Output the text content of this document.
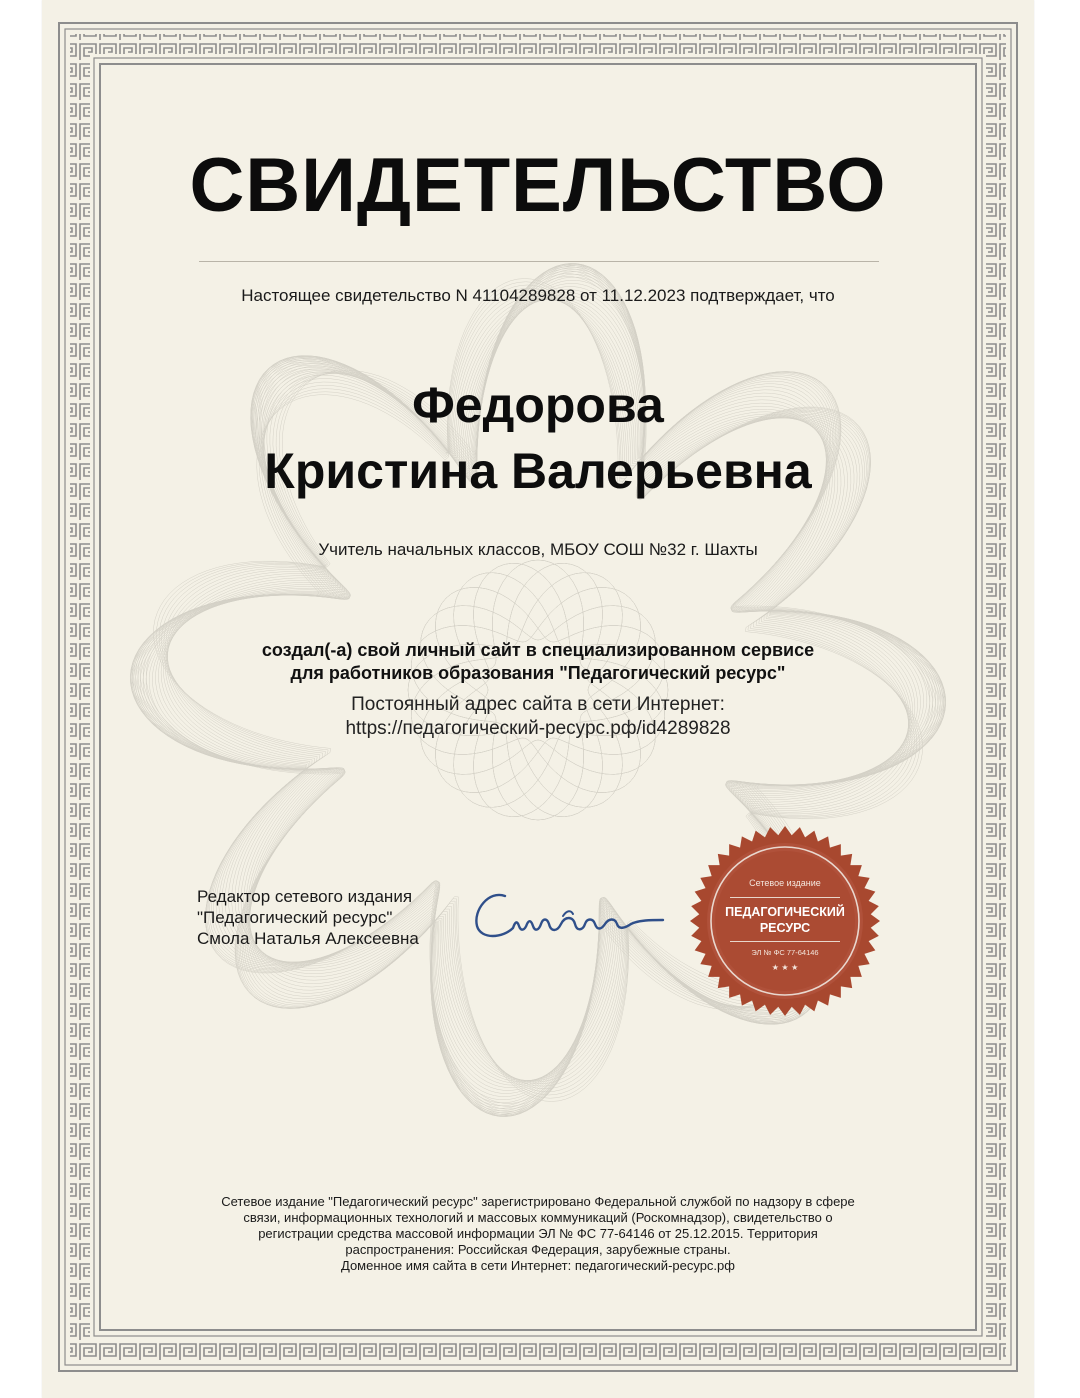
СВИДЕТЕЛЬСТВО
Настоящее свидетельство N 41104289828 от 11.12.2023 подтверждает, что
Федорова
Кристина Валерьевна
Учитель начальных классов, МБОУ СОШ №32 г. Шахты
создал(-а) свой личный сайт в специализированном сервисе
для работников образования "Педагогический ресурс"
Постоянный адрес сайта в сети Интернет:
https://педагогический-ресурс.рф/id4289828
Редактор сетевого издания
"Педагогический ресурс"
Смола Наталья Алексеевна
Сетевое издание
ПЕДАГОГИЧЕСКИЙ
РЕСУРС
ЭЛ № ФС 77-64146
★ ★ ★
Сетевое издание "Педагогический ресурс" зарегистрировано Федеральной службой по надзору в сфере
связи, информационных технологий и массовых коммуникаций (Роскомнадзор), свидетельство о
регистрации средства массовой информации ЭЛ № ФС 77-64146 от 25.12.2015. Территория
распространения: Российская Федерация, зарубежные страны.
Доменное имя сайта в сети Интернет: педагогический-ресурс.рф
